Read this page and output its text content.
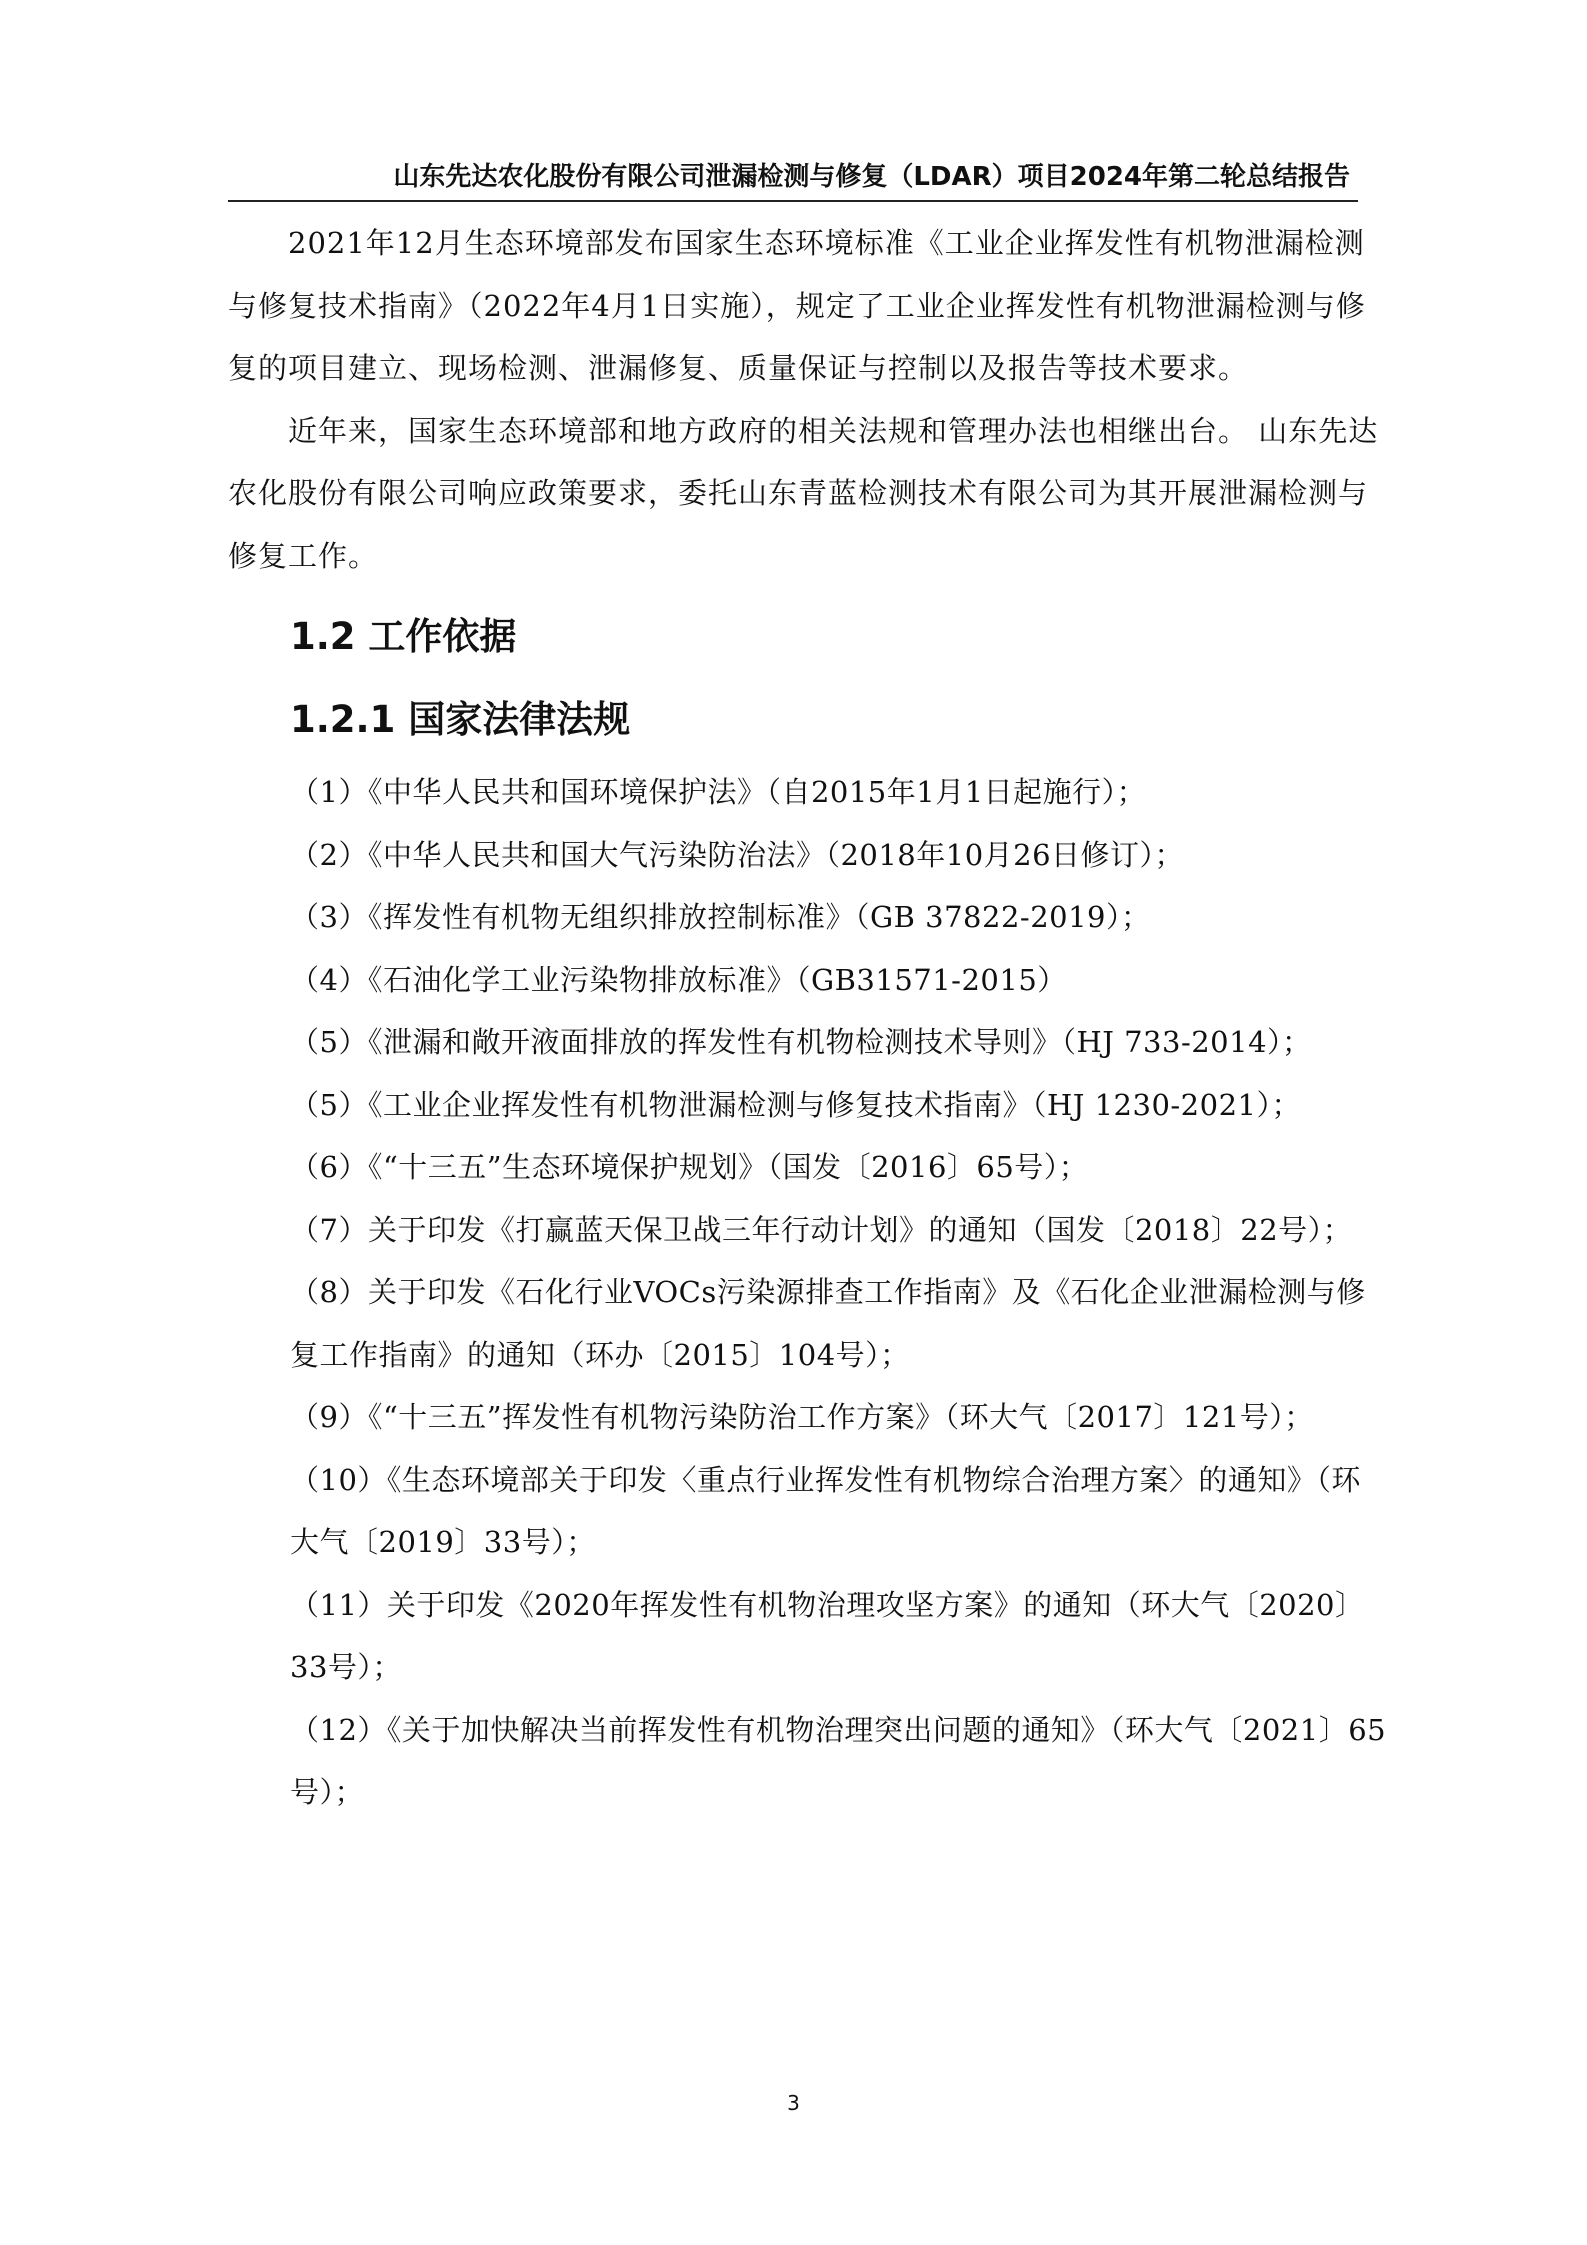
山东先达农化股份有限公司泄漏检测与修复（LDAR）项目2024年第二轮总结报告

2021年12月生态环境部发布国家生态环境标准《工业企业挥发性有机物泄漏检测与修复技术指南》（2022年4月1日实施），规定了工业企业挥发性有机物泄漏检测与修复的项目建立、现场检测、泄漏修复、质量保证与控制以及报告等技术要求。

近年来，国家生态环境部和地方政府的相关法规和管理办法也相继出台。 山东先达农化股份有限公司响应政策要求，委托山东青蓝检测技术有限公司为其开展泄漏检测与修复工作。

1.2 工作依据
1.2.1 国家法律法规
（1）《中华人民共和国环境保护法》（自2015年1月1日起施行）；
（2）《中华人民共和国大气污染防治法》（2018年10月26日修订）；
（3）《挥发性有机物无组织排放控制标准》（GB 37822-2019）；
（4）《石油化学工业污染物排放标准》（GB31571-2015）
（5）《泄漏和敞开液面排放的挥发性有机物检测技术导则》（HJ 733-2014）；
（5）《工业企业挥发性有机物泄漏检测与修复技术指南》（HJ 1230-2021）；
（6）《“十三五”生态环境保护规划》（国发〔2016〕65号）；
（7）关于印发《打赢蓝天保卫战三年行动计划》的通知（国发〔2018〕22号）；
（8）关于印发《石化行业VOCs污染源排查工作指南》及《石化企业泄漏检测与修复工作指南》的通知（环办〔2015〕104号）；
（9）《“十三五”挥发性有机物污染防治工作方案》（环大气〔2017〕121号）；
（10）《生态环境部关于印发〈重点行业挥发性有机物综合治理方案〉的通知》（环大气〔2019〕33号）；
（11）关于印发《2020年挥发性有机物治理攻坚方案》的通知（环大气〔2020〕33号）；
（12）《关于加快解决当前挥发性有机物治理突出问题的通知》（环大气〔2021〕65号）；
3
